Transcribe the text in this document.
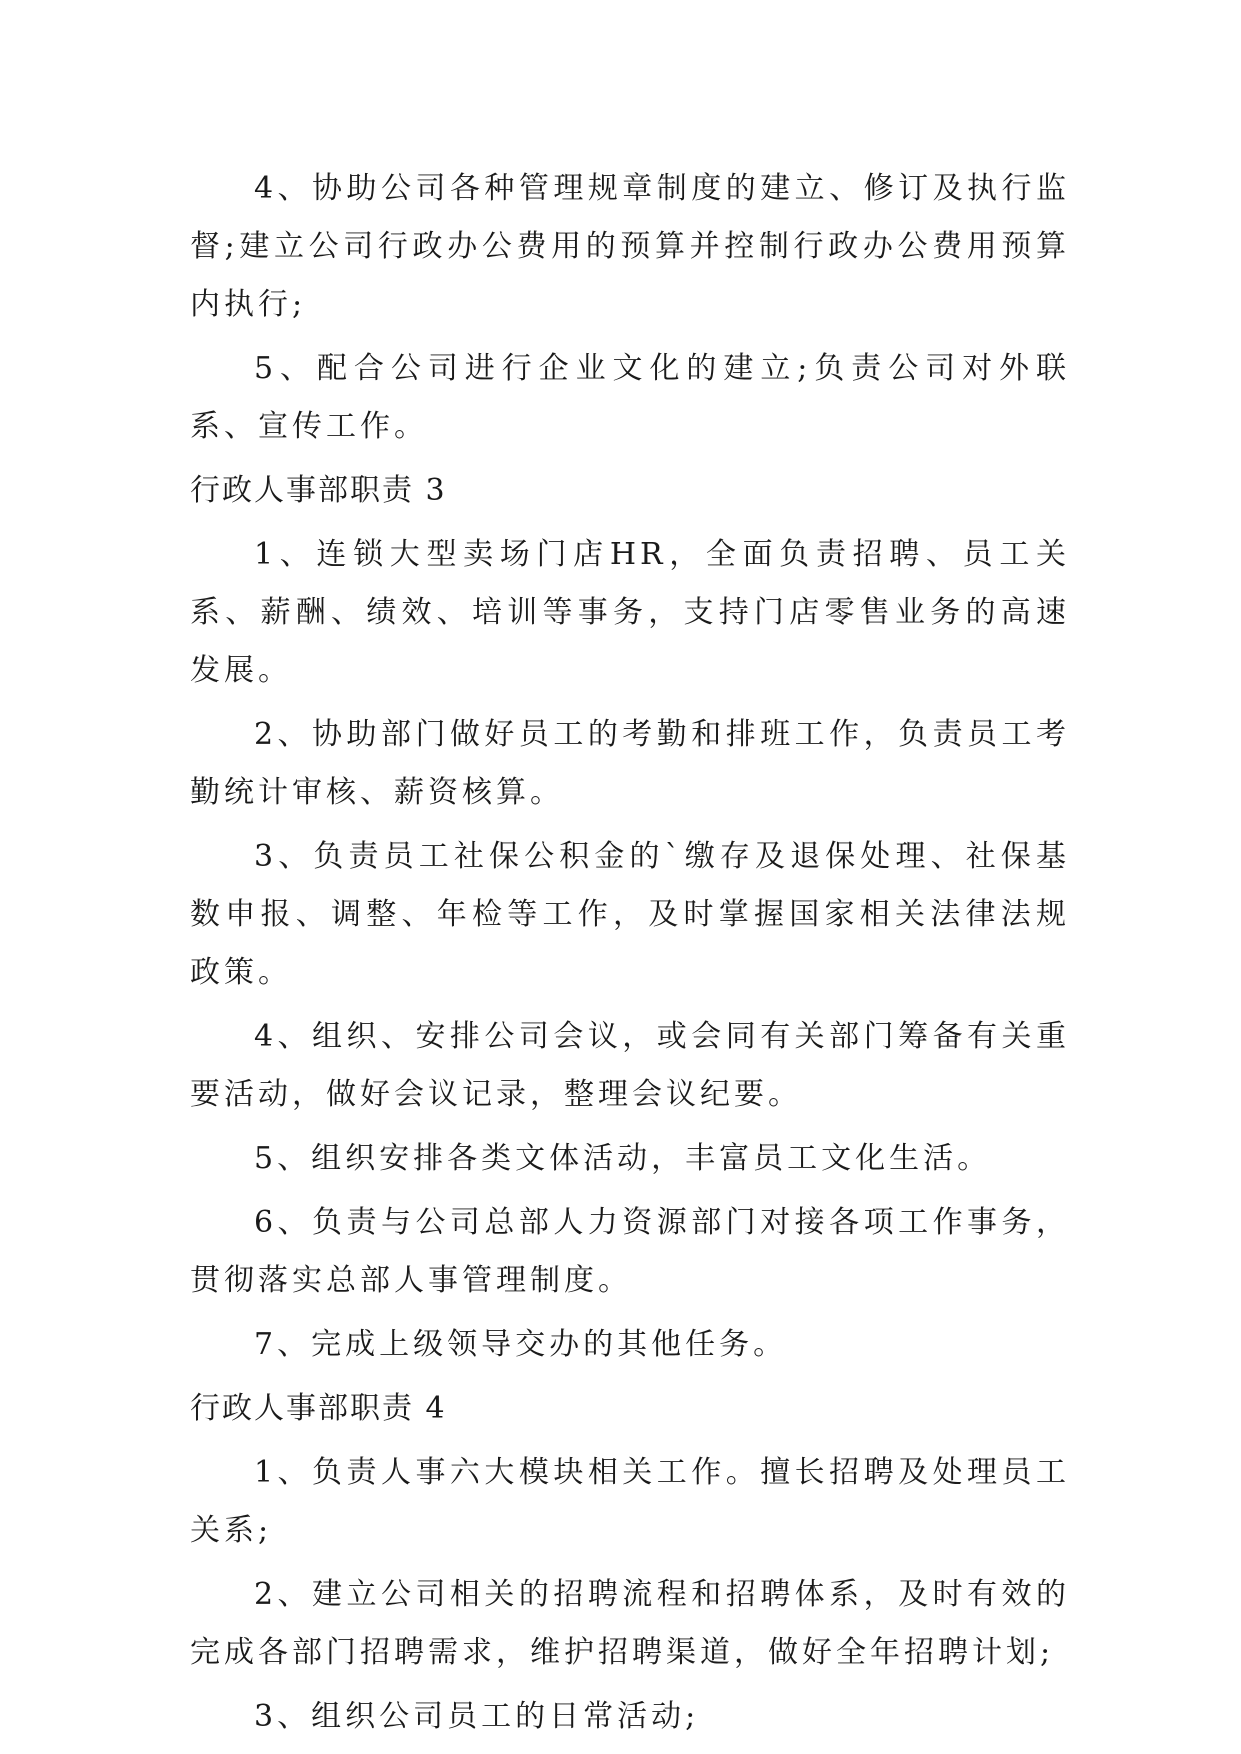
4、协助公司各种管理规章制度的建立、修订及执行监督;建立公司行政办公费用的预算并控制行政办公费用预算内执行;

5、配合公司进行企业文化的建立;负责公司对外联系、宣传工作。

行政人事部职责 3

1、连锁大型卖场门店HR，全面负责招聘、员工关系、薪酬、绩效、培训等事务，支持门店零售业务的高速发展。

2、协助部门做好员工的考勤和排班工作，负责员工考勤统计审核、薪资核算。

3、负责员工社保公积金的`缴存及退保处理、社保基数申报、调整、年检等工作，及时掌握国家相关法律法规政策。

4、组织、安排公司会议，或会同有关部门筹备有关重要活动，做好会议记录，整理会议纪要。

5、组织安排各类文体活动，丰富员工文化生活。

6、负责与公司总部人力资源部门对接各项工作事务，贯彻落实总部人事管理制度。

7、完成上级领导交办的其他任务。

行政人事部职责 4

1、负责人事六大模块相关工作。擅长招聘及处理员工关系;

2、建立公司相关的招聘流程和招聘体系，及时有效的完成各部门招聘需求，维护招聘渠道，做好全年招聘计划;

3、组织公司员工的日常活动;
